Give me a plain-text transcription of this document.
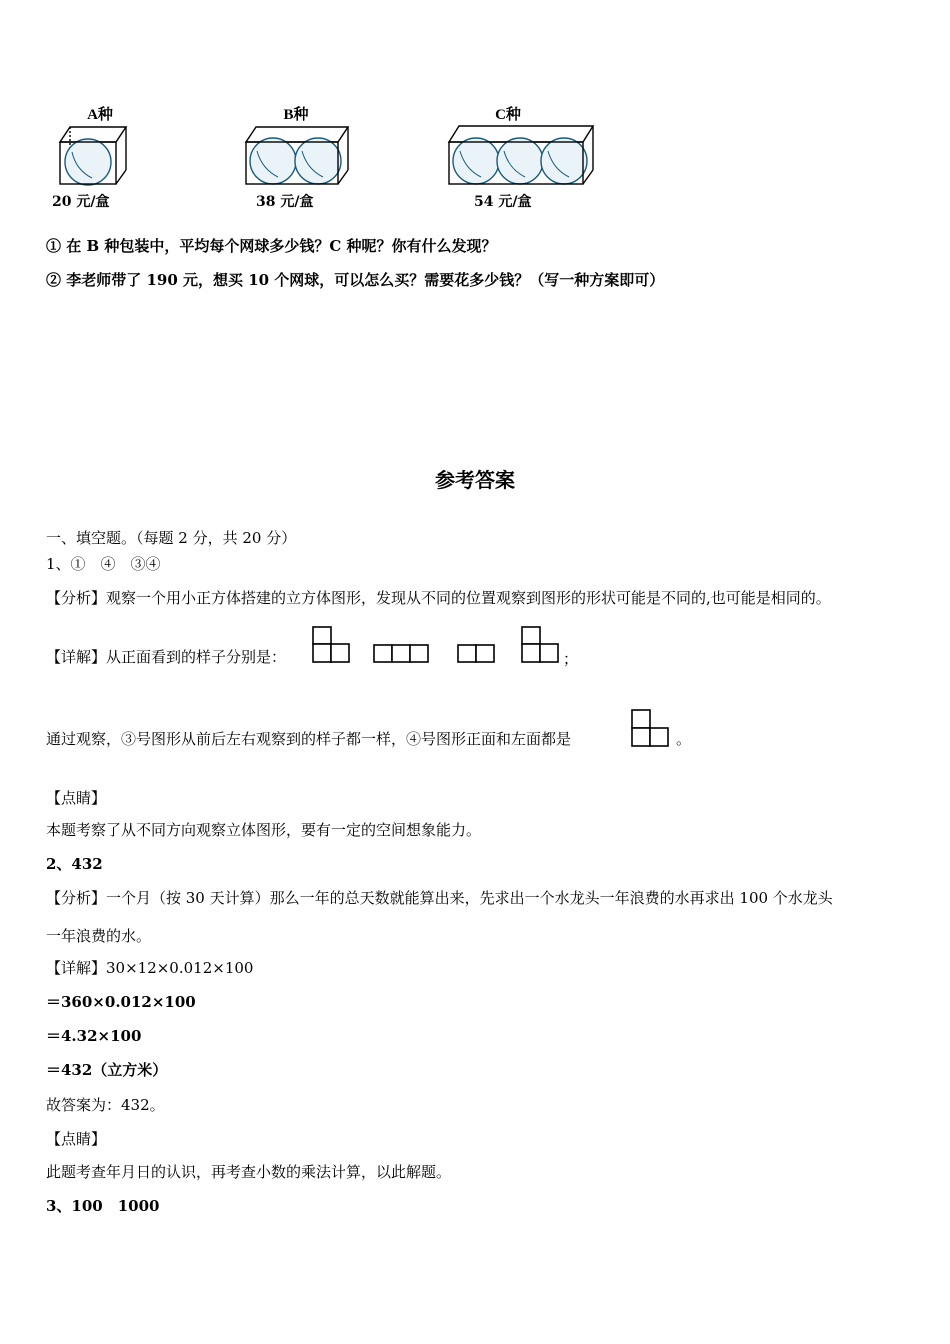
A种	B种	C种
20 元/盒	38 元/盒	54 元/盒
① 在 B 种包装中，平均每个网球多少钱？C 种呢？你有什么发现？
② 李老师带了 190 元，想买 10 个网球，可以怎么买？需要花多少钱？（写一种方案即可）
参考答案
一、填空题。（每题 2 分，共 20 分）
1、①　④　③④
【分析】观察一个用小正方体搭建的立方体图形，发现从不同的位置观察到图形的形状可能是不同的,也可能是相同的。
【详解】从正面看到的样子分别是：	；
通过观察，③号图形从前后左右观察到的样子都一样，④号图形正面和左面都是	。
【点睛】
本题考察了从不同方向观察立体图形，要有一定的空间想象能力。
2、432
【分析】一个月（按 30 天计算）那么一年的总天数就能算出来，先求出一个水龙头一年浪费的水再求出 100 个水龙头
一年浪费的水。
【详解】30×12×0.012×100
＝360×0.012×100
＝4.32×100
＝432（立方米）
故答案为：432。
【点睛】
此题考查年月日的认识，再考查小数的乘法计算，以此解题。
3、100　1000
